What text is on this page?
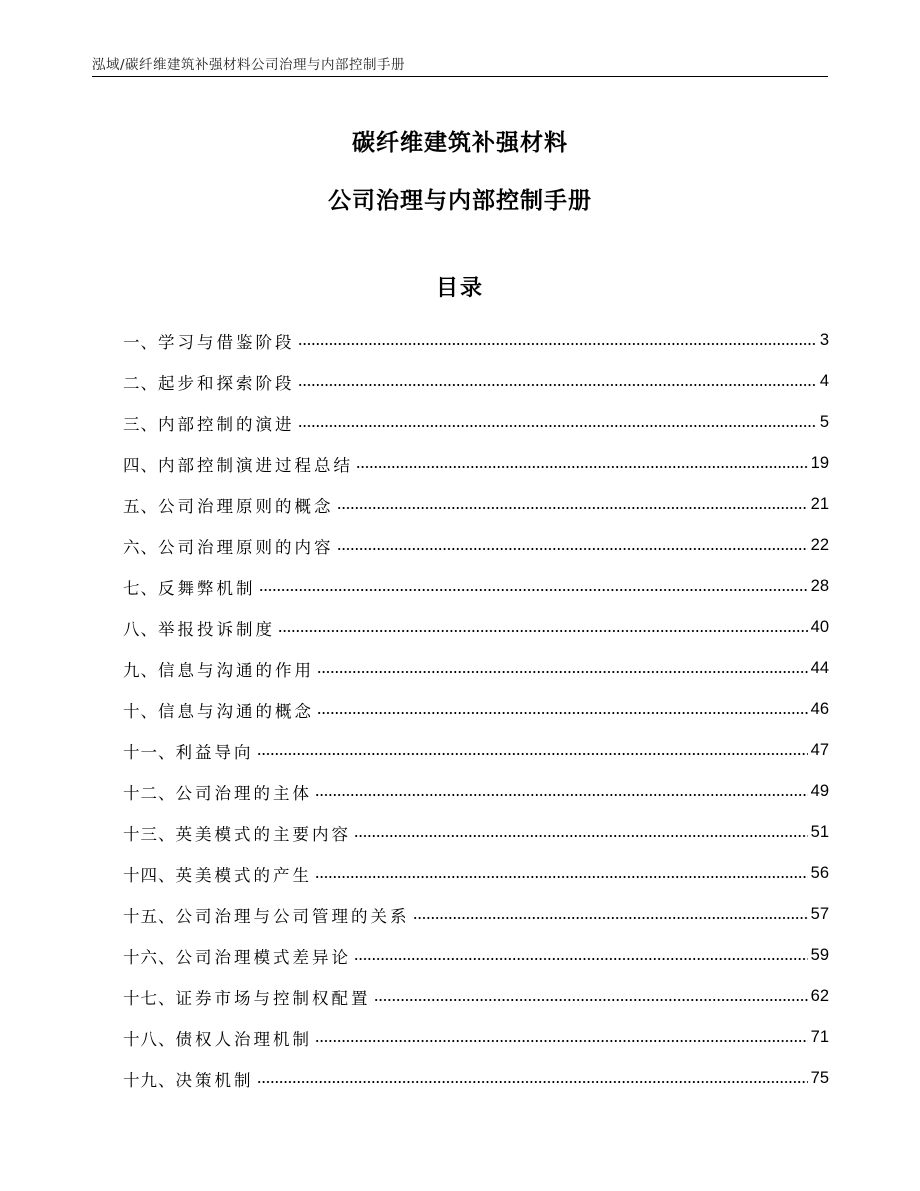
泓域/碳纤维建筑补强材料公司治理与内部控制手册
碳纤维建筑补强材料
公司治理与内部控制手册
目录
一、 学习与借鉴阶段	3
二、 起步和探索阶段	4
三、 内部控制的演进	5
四、 内部控制演进过程总结	19
五、 公司治理原则的概念	21
六、 公司治理原则的内容	22
七、 反舞弊机制	28
八、 举报投诉制度	40
九、 信息与沟通的作用	44
十、 信息与沟通的概念	46
十一、 利益导向	47
十二、 公司治理的主体	49
十三、 英美模式的主要内容	51
十四、 英美模式的产生	56
十五、 公司治理与公司管理的关系	57
十六、 公司治理模式差异论	59
十七、 证券市场与控制权配置	62
十八、 债权人治理机制	71
十九、 决策机制	75
